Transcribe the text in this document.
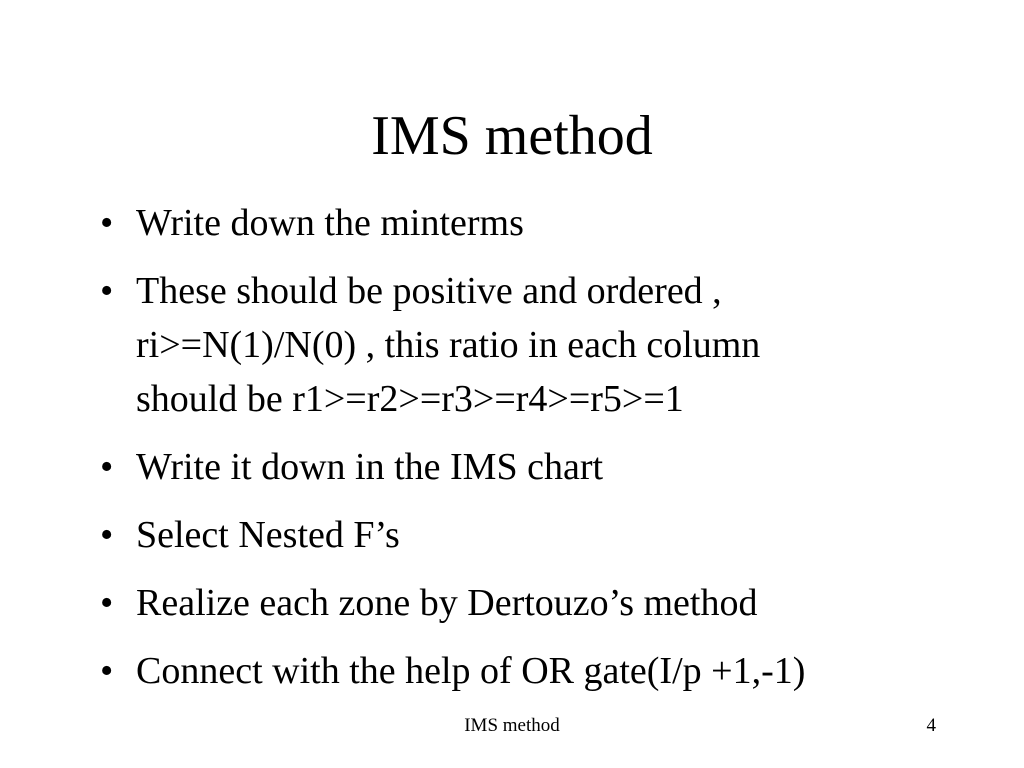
IMS method
• Write down the minterms
• These should be positive and ordered ,
ri>=N(1)/N(0) , this ratio in each column
should be r1>=r2>=r3>=r4>=r5>=1
• Write it down in the IMS chart
• Select Nested F’s
• Realize each zone by Dertouzo’s method
• Connect with the help of OR gate(I/p +1,-1)
IMS method	4
